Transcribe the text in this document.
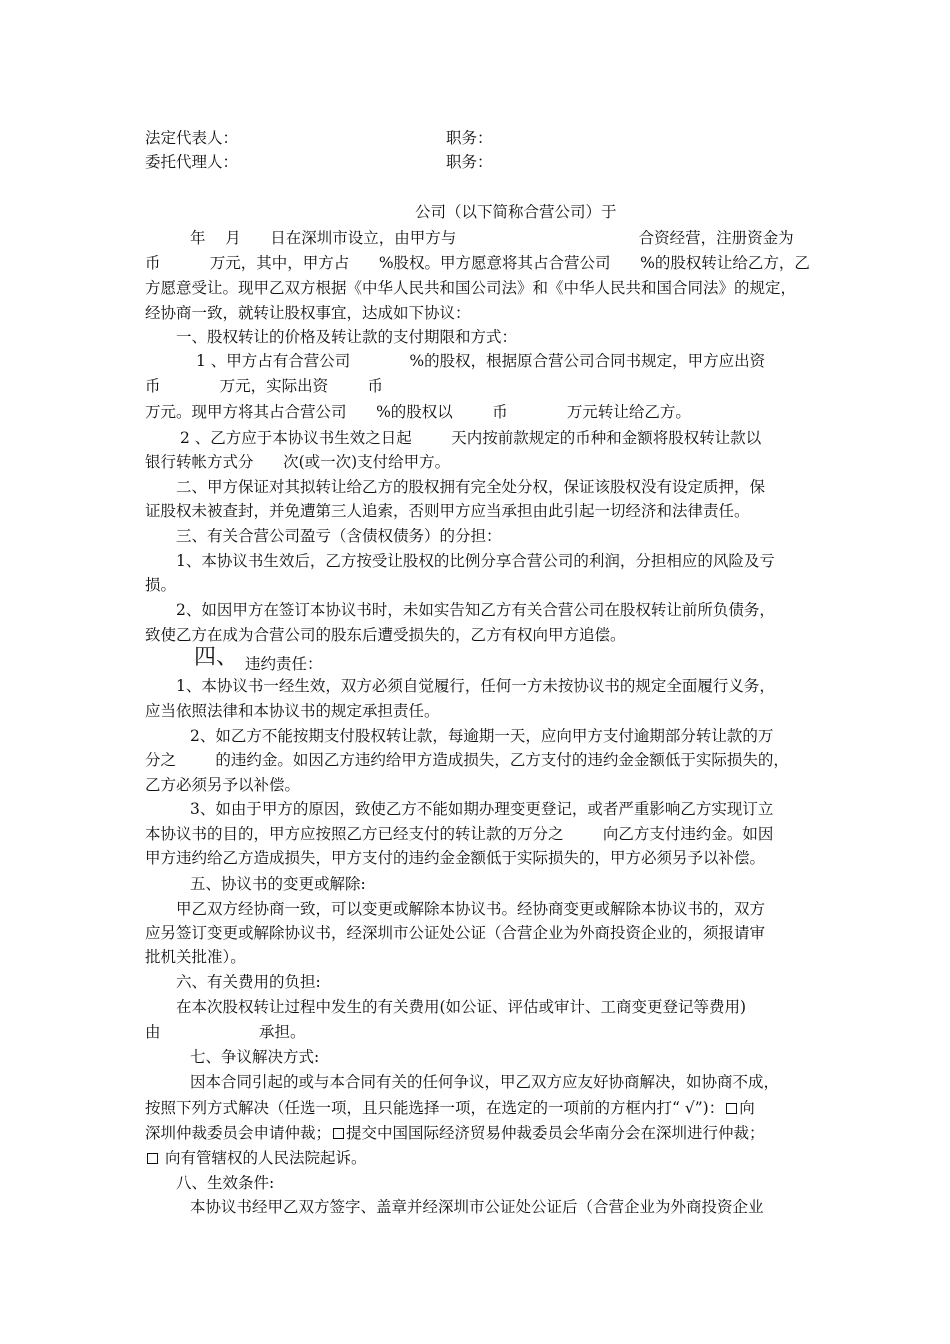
法定代表人：	职务：
委托代理人：	职务：
公司（以下简称合营公司）于
年    月      日在深圳市设立，由甲方与                                     合资经营，注册资金为
币          万元，其中，甲方占      %股权。甲方愿意将其占合营公司      %的股权转让给乙方，乙
方愿意受让。现甲乙双方根据《中华人民共和国公司法》和《中华人民共和国合同法》的规定，
经协商一致，就转让股权事宜，达成如下协议：
一、股权转让的价格及转让款的支付期限和方式：
1 、甲方占有合营公司            %的股权，根据原合营公司合同书规定，甲方应出资
币            万元，实际出资        币
万元。现甲方将其占合营公司      %的股权以        币            万元转让给乙方。
2 、乙方应于本协议书生效之日起        天内按前款规定的币种和金额将股权转让款以
银行转帐方式分      次(或一次)支付给甲方。
二、甲方保证对其拟转让给乙方的股权拥有完全处分权，保证该股权没有设定质押，保
证股权未被查封，并免遭第三人追索，否则甲方应当承担由此引起一切经济和法律责任。
三、有关合营公司盈亏（含债权债务）的分担：
1、本协议书生效后，乙方按受让股权的比例分享合营公司的利润，分担相应的风险及亏
损。
2、如因甲方在签订本协议书时，未如实告知乙方有关合营公司在股权转让前所负债务，
致使乙方在成为合营公司的股东后遭受损失的，乙方有权向甲方追偿。
四、 违约责任：
1、本协议书一经生效，双方必须自觉履行，任何一方未按协议书的规定全面履行义务，
应当依照法律和本协议书的规定承担责任。
2、如乙方不能按期支付股权转让款，每逾期一天，应向甲方支付逾期部分转让款的万
分之        的违约金。如因乙方违约给甲方造成损失，乙方支付的违约金金额低于实际损失的，
乙方必须另予以补偿。
3、如由于甲方的原因，致使乙方不能如期办理变更登记，或者严重影响乙方实现订立
本协议书的目的，甲方应按照乙方已经支付的转让款的万分之        向乙方支付违约金。如因
甲方违约给乙方造成损失，甲方支付的违约金金额低于实际损失的，甲方必须另予以补偿。
五、协议书的变更或解除:
甲乙双方经协商一致，可以变更或解除本协议书。经协商变更或解除本协议书的，双方
应另签订变更或解除协议书，经深圳市公证处公证（合营企业为外商投资企业的，须报请审
批机关批准）。
六、有关费用的负担:
在本次股权转让过程中发生的有关费用(如公证、评估或审计、工商变更登记等费用)
由                    承担。
七、争议解决方式:
因本合同引起的或与本合同有关的任何争议，甲乙双方应友好协商解决，如协商不成，
按照下列方式解决（任选一项，且只能选择一项，在选定的一项前的方框内打“ √”)： 向
深圳仲裁委员会申请仲裁； 提交中国国际经济贸易仲裁委员会华南分会在深圳进行仲裁；
向有管辖权的人民法院起诉。
八、生效条件:
本协议书经甲乙双方签字、盖章并经深圳市公证处公证后（合营企业为外商投资企业
